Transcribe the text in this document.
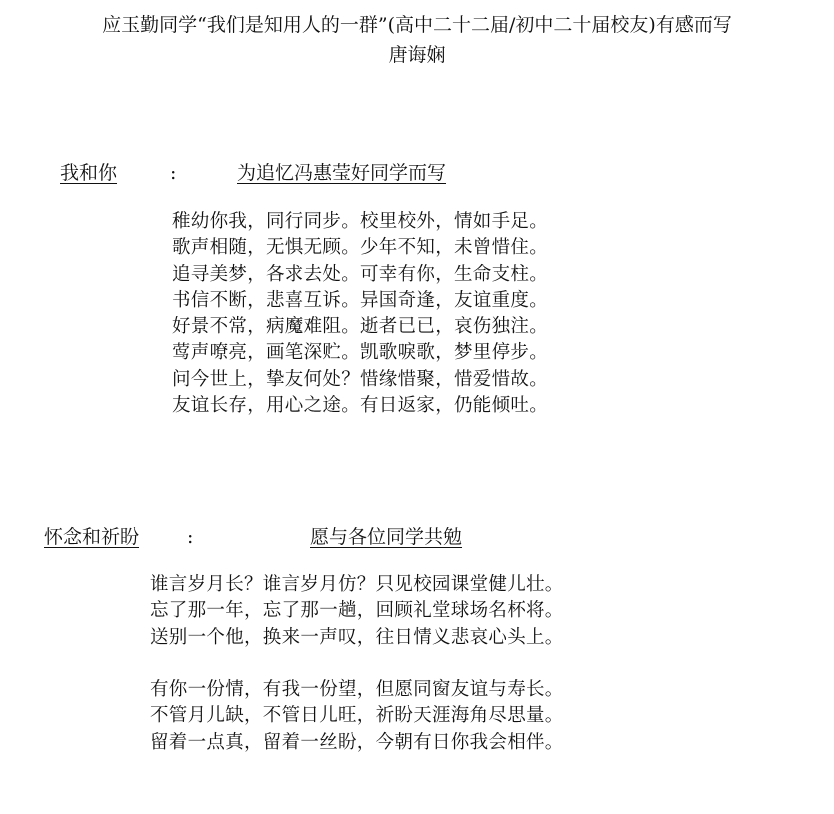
应玉勤同学“我们是知用人的一群”(高中二十二届/初中二十届校友)有感而写
唐诲娴
我和你	:	为追忆冯惠莹好同学而写
稚幼你我，同行同步。校里校外，情如手足。
歌声相随，无惧无顾。少年不知，未曾惜住。
追寻美梦，各求去处。可幸有你，生命支柱。
书信不断，悲喜互诉。异国奇逢，友谊重度。
好景不常，病魔难阻。逝者已已，哀伤独注。
莺声嘹亮，画笔深贮。凯歌唳歌，梦里停步。
问今世上，挚友何处？惜缘惜聚，惜爱惜故。
友谊长存，用心之途。有日返家，仍能倾吐。
怀念和祈盼	:	愿与各位同学共勉
谁言岁月长？谁言岁月仿？只见校园课堂健儿壮。
忘了那一年，忘了那一趟，回顾礼堂球场名杯将。
送别一个他，换来一声叹，往日情义悲哀心头上。
有你一份情，有我一份望，但愿同窗友谊与寿长。
不管月儿缺，不管日儿旺，祈盼天涯海角尽思量。
留着一点真，留着一丝盼，今朝有日你我会相伴。
